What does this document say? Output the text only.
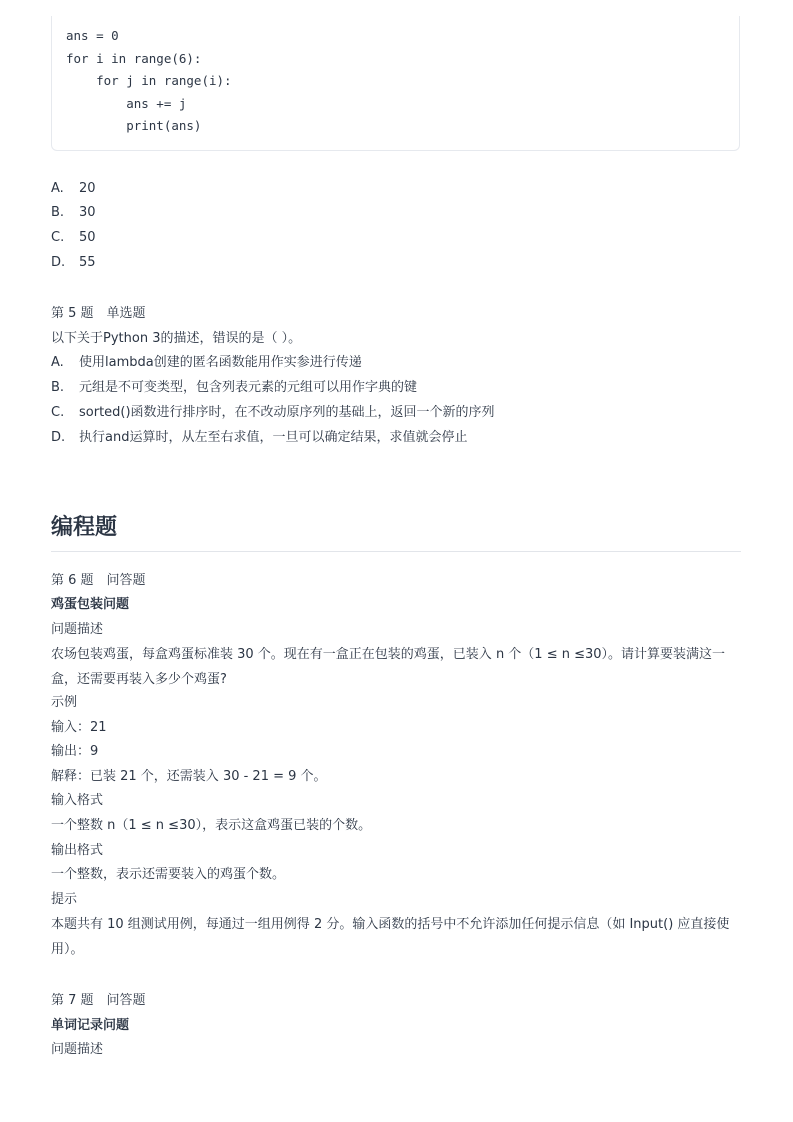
ans = 0
for i in range(6):
for j in range(i):
ans += j
print(ans)
A. 20
B. 30
C. 50
D. 55
第 5 题　单选题
以下关于Python 3的描述，错误的是（ ）。
A. 使用lambda创建的匿名函数能用作实参进行传递
B. 元组是不可变类型，包含列表元素的元组可以用作字典的键
C. sorted()函数进行排序时，在不改动原序列的基础上，返回一个新的序列
D. 执行and运算时，从左至右求值，一旦可以确定结果，求值就会停止
编程题
第 6 题　问答题
鸡蛋包装问题
问题描述
农场包装鸡蛋，每盒鸡蛋标准装 30 个。现在有一盒正在包装的鸡蛋，已装入 n 个（1 ≤ n ≤30）。请计算要装满这一盒，还需要再装入多少个鸡蛋?
示例
输入：21
输出：9
解释：已装 21 个，还需装入 30 - 21 = 9 个。
输入格式
一个整数 n（1 ≤ n ≤30），表示这盒鸡蛋已装的个数。
输出格式
一个整数，表示还需要装入的鸡蛋个数。
提示
本题共有 10 组测试用例，每通过一组用例得 2 分。输入函数的括号中不允许添加任何提示信息（如 Input() 应直接使用）。
第 7 题　问答题
单词记录问题
问题描述
